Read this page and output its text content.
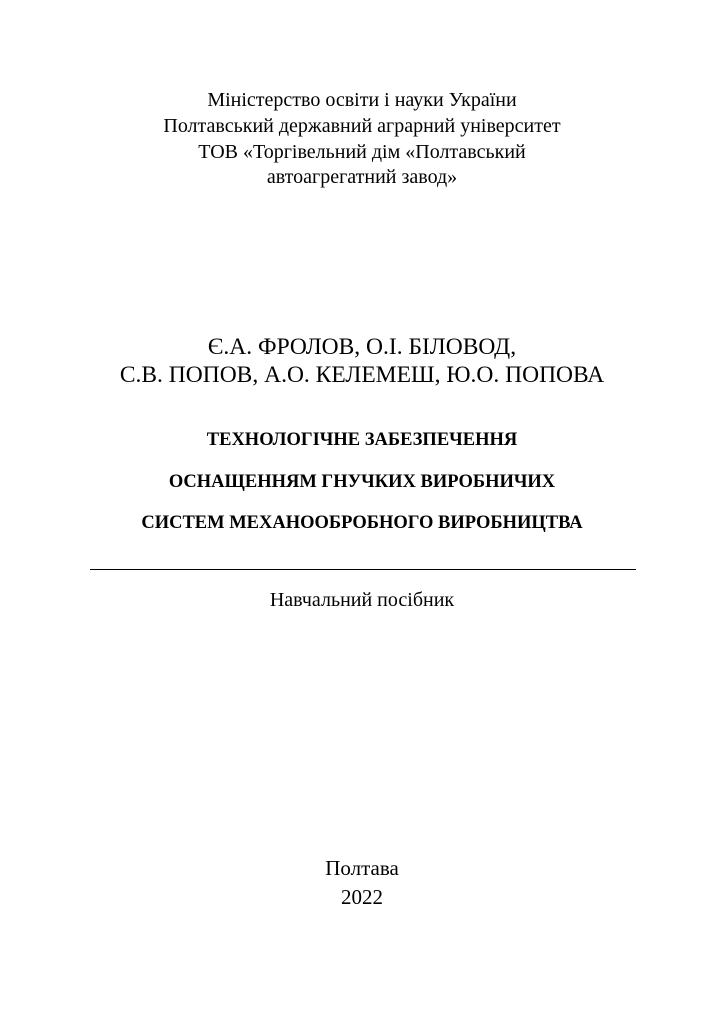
Міністерство освіти і науки України
Полтавський державний аграрний університет
ТОВ «Торгівельний дім «Полтавський
автоагрегатний завод»
Є.А. ФРОЛОВ, О.І. БІЛОВОД,
С.В. ПОПОВ, А.О. КЕЛЕМЕШ, Ю.О. ПОПОВА
ТЕХНОЛОГІЧНЕ ЗАБЕЗПЕЧЕННЯ
ОСНАЩЕННЯМ ГНУЧКИХ ВИРОБНИЧИХ
СИСТЕМ МЕХАНООБРОБНОГО ВИРОБНИЦТВА
Навчальний посібник
Полтава
2022
